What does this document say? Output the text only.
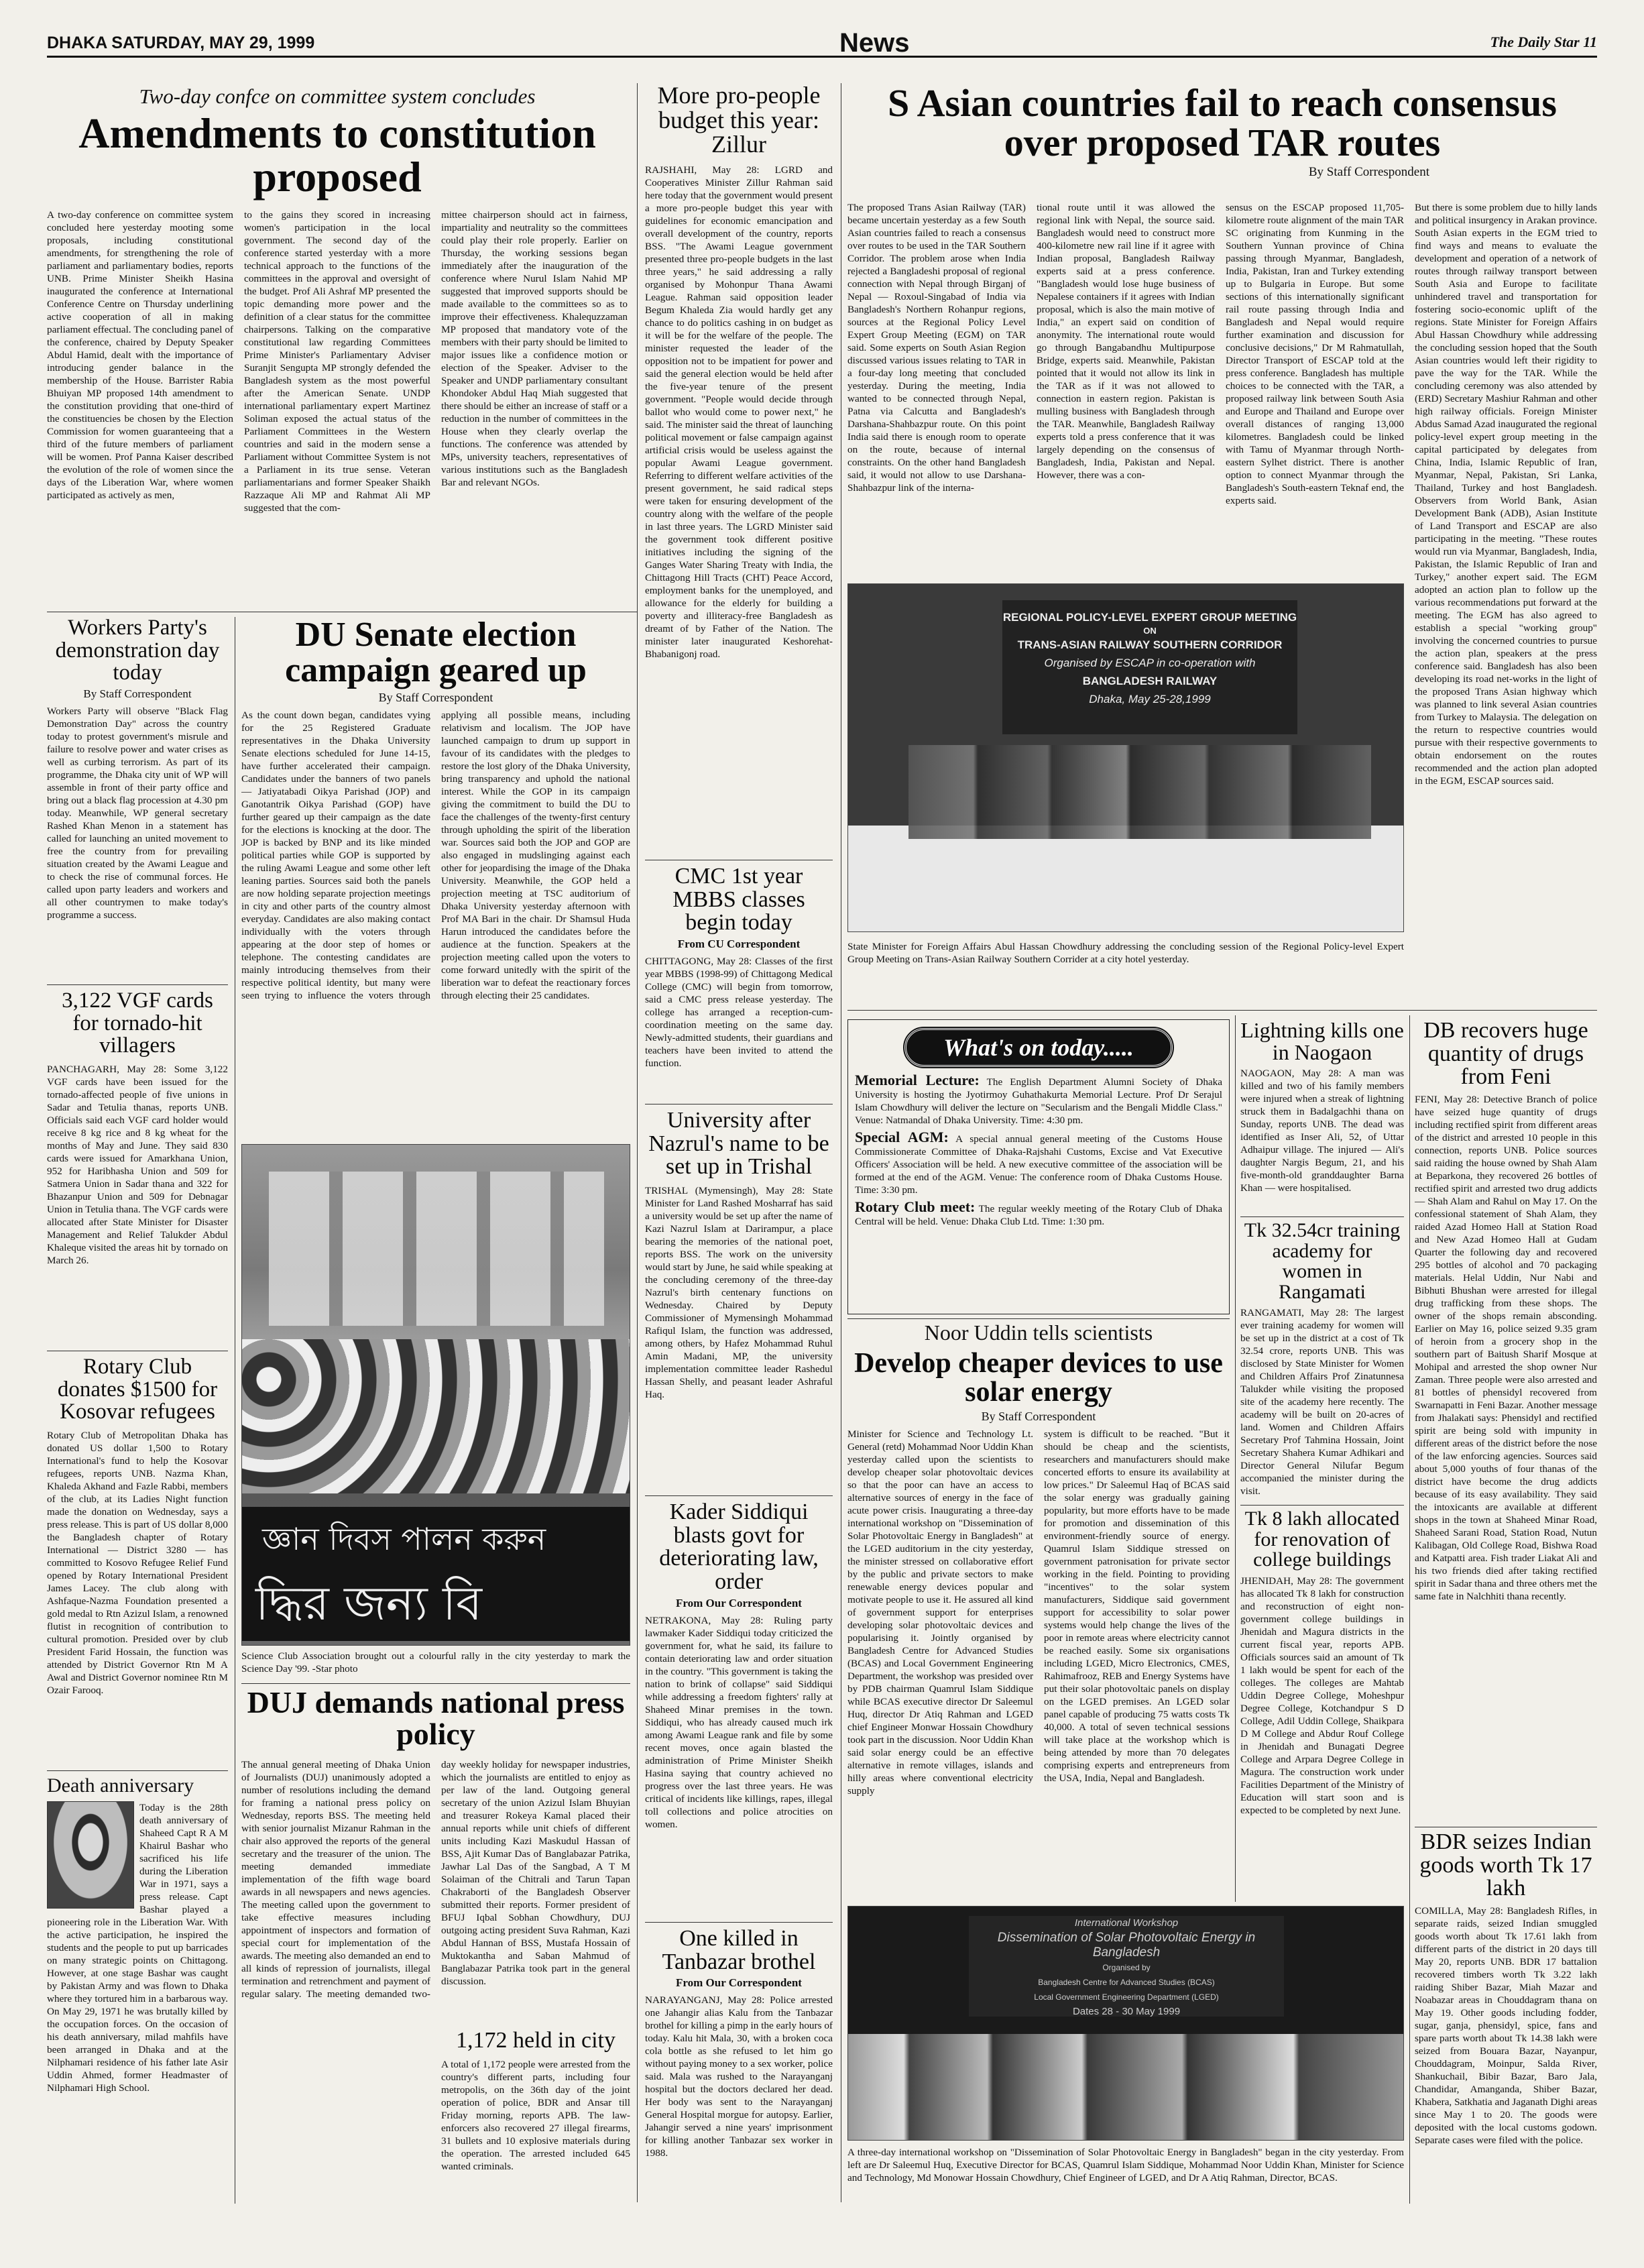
DHAKA SATURDAY, MAY 29, 1999	News	The Daily Star 11
Two-day confce on committee system concludes
Amendments to constitution proposed
A two-day conference on committee system concluded here yesterday mooting some proposals, including constitutional amendments, for strengthening the role of parliament and parliamentary bodies, reports UNB. Prime Minister Sheikh Hasina inaugurated the conference at International Conference Centre on Thursday underlining active cooperation of all in making parliament effectual. The concluding panel of the conference, chaired by Deputy Speaker Abdul Hamid, dealt with the importance of introducing gender balance in the membership of the House. Barrister Rabia Bhuiyan MP proposed 14th amendment to the constitution providing that one-third of the constituencies be chosen by the Election Commission for women guaranteeing that a third of the future members of parliament will be women. Prof Panna Kaiser described the evolution of the role of women since the days of the Liberation War, where women participated as actively as men,
to the gains they scored in increasing women's participation in the local government. The second day of the conference started yesterday with a more technical approach to the functions of the committees in the approval and oversight of the budget. Prof Ali Ashraf MP presented the topic demanding more power and the definition of a clear status for the committee chairpersons. Talking on the comparative constitutional law regarding Committees Prime Minister's Parliamentary Adviser Suranjit Sengupta MP strongly defended the Bangladesh system as the most powerful after the American Senate. UNDP international parliamentary expert Martinez Soliman exposed the actual status of the Parliament Committees in the Western countries and said in the modern sense a Parliament without Committee System is not a Parliament in its true sense. Veteran parliamentarians and former Speaker Shaikh Razzaque Ali MP and Rahmat Ali MP suggested that the com-
mittee chairperson should act in fairness, impartiality and neutrality so the committees could play their role properly. Earlier on Thursday, the working sessions began immediately after the inauguration of the conference where Nurul Islam Nahid MP suggested that improved supports should be made available to the committees so as to improve their effectiveness. Khalequzzaman MP proposed that mandatory vote of the members with their party should be limited to major issues like a confidence motion or election of the Speaker. Adviser to the Speaker and UNDP parliamentary consultant Khondoker Abdul Haq Miah suggested that there should be either an increase of staff or a reduction in the number of committees in the House when they clearly overlap the functions. The conference was attended by MPs, university teachers, representatives of various institutions such as the Bangladesh Bar and relevant NGOs.
More pro-people budget this year: Zillur
RAJSHAHI, May 28: LGRD and Cooperatives Minister Zillur Rahman said here today that the government would present a more pro-people budget this year with guidelines for economic emancipation and overall development of the country, reports BSS. "The Awami League government presented three pro-people budgets in the last three years," he said addressing a rally organised by Mohonpur Thana Awami League. Rahman said opposition leader Begum Khaleda Zia would hardly get any chance to do politics cashing in on budget as it will be for the welfare of the people. The minister requested the leader of the opposition not to be impatient for power and said the general election would be held after the five-year tenure of the present government. "People would decide through ballot who would come to power next," he said. The minister said the threat of launching political movement or false campaign against artificial crisis would be useless against the popular Awami League government. Referring to different welfare activities of the present government, he said radical steps were taken for ensuring development of the country along with the welfare of the people in last three years. The LGRD Minister said the government took different positive initiatives including the signing of the Ganges Water Sharing Treaty with India, the Chittagong Hill Tracts (CHT) Peace Accord, employment banks for the unemployed, and allowance for the elderly for building a poverty and illiteracy-free Bangladesh as dreamt of by Father of the Nation. The minister later inaugurated Keshorehat-Bhabanigonj road.
S Asian countries fail to reach consensus over proposed TAR routes
By Staff Correspondent
The proposed Trans Asian Railway (TAR) became uncertain yesterday as a few South Asian countries failed to reach a consensus over routes to be used in the TAR Southern Corridor. The problem arose when India rejected a Bangladeshi proposal of regional connection with Nepal through Birganj of Nepal — Roxoul-Singabad of India via Bangladesh's Northern Rohanpur regions, sources at the Regional Policy Level Expert Group Meeting (EGM) on TAR said. Some experts on South Asian Region discussed various issues relating to TAR in a four-day long meeting that concluded yesterday. During the meeting, India wanted to be connected through Nepal, Patna via Calcutta and Bangladesh's Darshana-Shahbazpur route. On this point India said there is enough room to operate on the route, because of internal constraints. On the other hand Bangladesh said, it would not allow to use Darshana-Shahbazpur link of the interna-
tional route until it was allowed the regional link with Nepal, the source said. Bangladesh would need to construct more 400-kilometre new rail line if it agree with Indian proposal, Bangladesh Railway experts said at a press conference. "Bangladesh would lose huge business of Nepalese containers if it agrees with Indian proposal, which is also the main motive of India," an expert said on condition of anonymity. The international route would go through Bangabandhu Multipurpose Bridge, experts said. Meanwhile, Pakistan pointed that it would not allow its link in the TAR as if it was not allowed to connection in eastern region. Pakistan is mulling business with Bangladesh through the TAR. Meanwhile, Bangladesh Railway experts told a press conference that it was largely depending on the consensus of Bangladesh, India, Pakistan and Nepal. However, there was a con-
sensus on the ESCAP proposed 11,705-kilometre route alignment of the main TAR SC originating from Kunming in the Southern Yunnan province of China passing through Myanmar, Bangladesh, India, Pakistan, Iran and Turkey extending up to Bulgaria in Europe. But some sections of this internationally significant rail route passing through India and Bangladesh and Nepal would require further examination and discussion for conclusive decisions," Dr M Rahmatullah, Director Transport of ESCAP told at the press conference. Bangladesh has multiple choices to be connected with the TAR, a proposed railway link between South Asia and Europe and Thailand and Europe over overall distances of ranging 13,000 kilometres. Bangladesh could be linked with Tamu of Myanmar through North-eastern Sylhet district. There is another option to connect Myanmar through the Bangladesh's South-eastern Teknaf end, the experts said.
But there is some problem due to hilly lands and political insurgency in Arakan province. South Asian experts in the EGM tried to find ways and means to evaluate the development and operation of a network of routes through railway transport between South Asia and Europe to facilitate unhindered travel and transportation for fostering socio-economic uplift of the regions. State Minister for Foreign Affairs Abul Hassan Chowdhury while addressing the concluding session hoped that the South Asian countries would left their rigidity to pave the way for the TAR. While the concluding ceremony was also attended by (ERD) Secretary Mashiur Rahman and other high railway officials. Foreign Minister Abdus Samad Azad inaugurated the regional policy-level expert group meeting in the capital participated by delegates from China, India, Islamic Republic of Iran, Myanmar, Nepal, Pakistan, Sri Lanka, Thailand, Turkey and host Bangladesh. Observers from World Bank, Asian Development Bank (ADB), Asian Institute of Land Transport and ESCAP are also participating in the meeting. "These routes would run via Myanmar, Bangladesh, India, Pakistan, the Islamic Republic of Iran and Turkey," another expert said. The EGM adopted an action plan to follow up the various recommendations put forward at the meeting. The EGM has also agreed to establish a special "working group" involving the concerned countries to pursue the action plan, speakers at the press conference said. Bangladesh has also been developing its road net-works in the light of the proposed Trans Asian highway which was planned to link several Asian countries from Turkey to Malaysia. The delegation on the return to respective countries would pursue with their respective governments to obtain endorsement on the routes recommended and the action plan adopted in the EGM, ESCAP sources said.
REGIONAL POLICY-LEVEL EXPERT GROUP MEETING
ON
TRANS-ASIAN RAILWAY SOUTHERN CORRIDOR
Organised by ESCAP in co-operation with
BANGLADESH RAILWAY
Dhaka, May 25-28,1999
State Minister for Foreign Affairs Abul Hassan Chowdhury addressing the concluding session of the Regional Policy-level Expert Group Meeting on Trans-Asian Railway Southern Corrider at a city hotel yesterday.
Workers Party's demonstration day today
By Staff Correspondent
Workers Party will observe "Black Flag Demonstration Day" across the country today to protest government's misrule and failure to resolve power and water crises as well as curbing terrorism. As part of its programme, the Dhaka city unit of WP will assemble in front of their party office and bring out a black flag procession at 4.30 pm today. Meanwhile, WP general secretary Rashed Khan Menon in a statement has called for launching an united movement to free the country from for prevailing situation created by the Awami League and to check the rise of communal forces. He called upon party leaders and workers and all other countrymen to make today's programme a success.
3,122 VGF cards for tornado-hit villagers
PANCHAGARH, May 28: Some 3,122 VGF cards have been issued for the tornado-affected people of five unions in Sadar and Tetulia thanas, reports UNB. Officials said each VGF card holder would receive 8 kg rice and 8 kg wheat for the months of May and June. They said 830 cards were issued for Amarkhana Union, 952 for Haribhasha Union and 509 for Satmera Union in Sadar thana and 322 for Bhazanpur Union and 509 for Debnagar Union in Tetulia thana. The VGF cards were allocated after State Minister for Disaster Management and Relief Talukder Abdul Khaleque visited the areas hit by tornado on March 26.
Rotary Club donates $1500 for Kosovar refugees
Rotary Club of Metropolitan Dhaka has donated US dollar 1,500 to Rotary International's fund to help the Kosovar refugees, reports UNB. Nazma Khan, Khaleda Akhand and Fazle Rabbi, members of the club, at its Ladies Night function made the donation on Wednesday, says a press release. This is part of US dollar 8,000 the Bangladesh chapter of Rotary International — District 3280 — has committed to Kosovo Refugee Relief Fund opened by Rotary International President James Lacey. The club along with Ashfaque-Nazma Foundation presented a gold medal to Rtn Azizul Islam, a renowned flutist in recognition of contribution to cultural promotion. Presided over by club President Farid Hossain, the function was attended by District Governor Rtn M A Awal and District Governor nominee Rtn M Ozair Farooq.
Death anniversary
Today is the 28th death anniversary of Shaheed Capt R A M Khairul Bashar who sacrificed his life during the Liberation War in 1971, says a press release. Capt Bashar played a pioneering role in the Liberation War. With the active participation, he inspired the students and the people to put up barricades on many strategic points on Chittagong. However, at one stage Bashar was caught by Pakistan Army and was flown to Dhaka where they tortured him in a barbarous way. On May 29, 1971 he was brutally killed by the occupation forces. On the occasion of his death anniversary, milad mahfils have been arranged in Dhaka and at the Nilphamari residence of his father late Asir Uddin Ahmed, former Headmaster of Nilphamari High School.
DU Senate election campaign geared up
By Staff Correspondent
As the count down began, candidates vying for the 25 Registered Graduate representatives in the Dhaka University Senate elections scheduled for June 14-15, have further accelerated their campaign. Candidates under the banners of two panels — Jatiyatabadi Oikya Parishad (JOP) and Ganotantrik Oikya Parishad (GOP) have further geared up their campaign as the date for the elections is knocking at the door. The JOP is backed by BNP and its like minded political parties while GOP is supported by the ruling Awami League and some other left leaning parties. Sources said both the panels are now holding separate projection meetings in city and other parts of the country almost everyday. Candidates are also making contact individually with the voters through appearing at the door step of homes or telephone. The contesting candidates are mainly introducing themselves from their respective political identity, but many were seen trying to influence the voters through applying all possible means, including relativism and localism. The JOP have launched campaign to drum up support in favour of its candidates with the pledges to restore the lost glory of the Dhaka University, bring transparency and uphold the national interest. While the GOP in its campaign giving the commitment to build the DU to face the challenges of the twenty-first century through upholding the spirit of the liberation war. Sources said both the JOP and GOP are also engaged in mudslinging against each other for jeopardising the image of the Dhaka University. Meanwhile, the GOP held a projection meeting at TSC auditorium of Dhaka University yesterday afternoon with Prof MA Bari in the chair. Dr Shamsul Huda Harun introduced the candidates before the audience at the function. Speakers at the projection meeting called upon the voters to come forward unitedly with the spirit of the liberation war to defeat the reactionary forces through electing their 25 candidates.
জ্ঞান দিবস পালন করুন
দ্ধির জন্য বি
Science Club Association brought out a colourful rally in the city yesterday to mark the Science Day '99. -Star photo
DUJ demands national press policy
The annual general meeting of Dhaka Union of Journalists (DUJ) unanimously adopted a number of resolutions including the demand for framing a national press policy on Wednesday, reports BSS. The meeting held with senior journalist Mizanur Rahman in the chair also approved the reports of the general secretary and the treasurer of the union. The meeting demanded immediate implementation of the fifth wage board awards in all newspapers and news agencies. The meeting called upon the government to take effective measures including appointment of inspectors and formation of special court for implementation of the awards. The meeting also demanded an end to all kinds of repression of journalists, illegal termination and retrenchment and payment of regular salary. The meeting demanded two-day weekly holiday for newspaper industries, which the journalists are entitled to enjoy as per law of the land. Outgoing general secretary of the union Azizul Islam Bhuyian and treasurer Rokeya Kamal placed their annual reports while unit chiefs of different units including Kazi Maskudul Hassan of BSS, Ajit Kumar Das of Banglabazar Patrika, Jawhar Lal Das of the Sangbad, A T M Solaiman of the Chitrali and Tarun Tapan Chakraborti of the Bangladesh Observer submitted their reports. Former president of BFUJ Iqbal Sobhan Chowdhury, DUJ outgoing acting president Suva Rahman, Kazi Abdul Hannan of BSS, Mustafa Hossain of Muktokantha and Saban Mahmud of Banglabazar Patrika took part in the general discussion.
1,172 held in city
A total of 1,172 people were arrested from the country's different parts, including four metropolis, on the 36th day of the joint operation of police, BDR and Ansar till Friday morning, reports APB. The law-enforcers also recovered 27 illegal firearms, 31 bullets and 10 explosive materials during the operation. The arrested included 645 wanted criminals.
CMC 1st year MBBS classes begin today
From CU Correspondent
CHITTAGONG, May 28: Classes of the first year MBBS (1998-99) of Chittagong Medical College (CMC) will begin from tomorrow, said a CMC press release yesterday. The college has arranged a reception-cum-coordination meeting on the same day. Newly-admitted students, their guardians and teachers have been invited to attend the function.
University after Nazrul's name to be set up in Trishal
TRISHAL (Mymensingh), May 28: State Minister for Land Rashed Mosharraf has said a university would be set up after the name of Kazi Nazrul Islam at Darirampur, a place bearing the memories of the national poet, reports BSS. The work on the university would start by June, he said while speaking at the concluding ceremony of the three-day Nazrul's birth centenary functions on Wednesday. Chaired by Deputy Commissioner of Mymensingh Mohammad Rafiqul Islam, the function was addressed, among others, by Hafez Mohammad Ruhul Amin Madani, MP, the university implementation committee leader Rashedul Hassan Shelly, and peasant leader Ashraful Haq.
Kader Siddiqui blasts govt for deteriorating law, order
From Our Correspondent
NETRAKONA, May 28: Ruling party lawmaker Kader Siddiqui today criticized the government for, what he said, its failure to contain deteriorating law and order situation in the country. "This government is taking the nation to brink of collapse" said Siddiqui while addressing a freedom fighters' rally at Shaheed Minar premises in the town. Siddiqui, who has already caused much irk among Awami League rank and file by some recent moves, once again blasted the administration of Prime Minister Sheikh Hasina saying that country achieved no progress over the last three years. He was critical of incidents like killings, rapes, illegal toll collections and police atrocities on women.
One killed in Tanbazar brothel
From Our Correspondent
NARAYANGANJ, May 28: Police arrested one Jahangir alias Kalu from the Tanbazar brothel for killing a pimp in the early hours of today. Kalu hit Mala, 30, with a broken coca cola bottle as she refused to let him go without paying money to a sex worker, police said. Mala was rushed to the Narayanganj hospital but the doctors declared her dead. Her body was sent to the Narayanganj General Hospital morgue for autopsy. Earlier, Jahangir served a nine years' imprisonment for killing another Tanbazar sex worker in 1988.
What's on today.....
Memorial Lecture: The English Department Alumni Society of Dhaka University is hosting the Jyotirmoy Guhathakurta Memorial Lecture. Prof Dr Serajul Islam Chowdhury will deliver the lecture on "Secularism and the Bengali Middle Class." Venue: Natmandal of Dhaka University. Time: 4:30 pm.
Special AGM: A special annual general meeting of the Customs House Commissionerate Committee of Dhaka-Rajshahi Customs, Excise and Vat Executive Officers' Association will be held. A new executive committee of the association will be formed at the end of the AGM. Venue: The conference room of Dhaka Customs House. Time: 3:30 pm.
Rotary Club meet: The regular weekly meeting of the Rotary Club of Dhaka Central will be held. Venue: Dhaka Club Ltd. Time: 1:30 pm.
Noor Uddin tells scientists
Develop cheaper devices to use solar energy
By Staff Correspondent
Minister for Science and Technology Lt. General (retd) Mohammad Noor Uddin Khan yesterday called upon the scientists to develop cheaper solar photovoltaic devices so that the poor can have an access to alternative sources of energy in the face of acute power crisis. Inaugurating a three-day international workshop on "Dissemination of Solar Photovoltaic Energy in Bangladesh" at the LGED auditorium in the city yesterday, the minister stressed on collaborative effort by the public and private sectors to make renewable energy devices popular and motivate people to use it. He assured all kind of government support for enterprises developing solar photovoltaic devices and popularising it. Jointly organised by Bangladesh Centre for Advanced Studies (BCAS) and Local Government Engineering Department, the workshop was presided over by PDB chairman Quamrul Islam Siddique while BCAS executive director Dr Saleemul Huq, director Dr Atiq Rahman and LGED chief Engineer Monwar Hossain Chowdhury took part in the discussion. Noor Uddin Khan said solar energy could be an effective alternative in remote villages, islands and hilly areas where conventional electricity supply
system is difficult to be reached. "But it should be cheap and the scientists, researchers and manufacturers should make concerted efforts to ensure its availability at low prices." Dr Saleemul Haq of BCAS said the solar energy was gradually gaining popularity, but more efforts have to be made for promotion and dissemination of this environment-friendly source of energy. Quamrul Islam Siddique stressed on government patronisation for private sector working in the field. Pointing to providing "incentives" to the solar system manufacturers, Siddique said government support for accessibility to solar power systems would help change the lives of the poor in remote areas where electricity cannot be reached easily. Some six organisations including LGED, Micro Electronics, CMES, Rahimafrooz, REB and Energy Systems have put their solar photovoltaic panels on display on the LGED premises. An LGED solar panel capable of producing 75 watts costs Tk 40,000. A total of seven technical sessions will take place at the workshop which is being attended by more than 70 delegates comprising experts and entrepreneurs from the USA, India, Nepal and Bangladesh.
International Workshop
Dissemination of Solar Photovoltaic Energy in Bangladesh
Organised by
Bangladesh Centre for Advanced Studies (BCAS)
Local Government Engineering Department (LGED)
Dates 28 - 30 May 1999
A three-day international workshop on "Dissemination of Solar Photovoltaic Energy in Bangladesh" began in the city yesterday. From left are Dr Saleemul Huq, Executive Director for BCAS, Quamrul Islam Siddique, Mohammad Noor Uddin Khan, Minister for Science and Technology, Md Monowar Hossain Chowdhury, Chief Engineer of LGED, and Dr A Atiq Rahman, Director, BCAS.
Lightning kills one in Naogaon
NAOGAON, May 28: A man was killed and two of his family members were injured when a streak of lightning struck them in Badalgachhi thana on Sunday, reports UNB. The dead was identified as Inser Ali, 52, of Uttar Adhaipur village. The injured — Ali's daughter Nargis Begum, 21, and his five-month-old granddaughter Barna Khan — were hospitalised.
Tk 32.54cr training academy for women in Rangamati
RANGAMATI, May 28: The largest ever training academy for women will be set up in the district at a cost of Tk 32.54 crore, reports UNB. This was disclosed by State Minister for Women and Children Affairs Prof Zinatunnesa Talukder while visiting the proposed site of the academy here recently. The academy will be built on 20-acres of land. Women and Children Affairs Secretary Prof Tahmina Hossain, Joint Secretary Shahera Kumar Adhikari and Director General Nilufar Begum accompanied the minister during the visit.
Tk 8 lakh allocated for renovation of college buildings
JHENIDAH, May 28: The government has allocated Tk 8 lakh for construction and reconstruction of eight non-government college buildings in Jhenidah and Magura districts in the current fiscal year, reports APB. Officials sources said an amount of Tk 1 lakh would be spent for each of the colleges. The colleges are Mahtab Uddin Degree College, Moheshpur Degree College, Kotchandpur S D College, Adil Uddin College, Shaikpara D M College and Abdur Rouf College in Jhenidah and Bunagati Degree College and Arpara Degree College in Magura. The construction work under Facilities Department of the Ministry of Education will start soon and is expected to be completed by next June.
DB recovers huge quantity of drugs from Feni
FENI, May 28: Detective Branch of police have seized huge quantity of drugs including rectified spirit from different areas of the district and arrested 10 people in this connection, reports UNB. Police sources said raiding the house owned by Shah Alam at Beparkona, they recovered 26 bottles of rectified spirit and arrested two drug addicts — Shah Alam and Rahul on May 17. On the confessional statement of Shah Alam, they raided Azad Homeo Hall at Station Road and New Azad Homeo Hall at Gudam Quarter the following day and recovered 295 bottles of alcohol and 70 packaging materials. Helal Uddin, Nur Nabi and Bibhuti Bhushan were arrested for illegal drug trafficking from these shops. The owner of the shops remain absconding. Earlier on May 16, police seized 9.35 gram of heroin from a grocery shop in the southern part of Baitush Sharif Mosque at Mohipal and arrested the shop owner Nur Zaman. Three people were also arrested and 81 bottles of phensidyl recovered from Swarnapatti in Feni Bazar. Another message from Jhalakati says: Phensidyl and rectified spirit are being sold with impunity in different areas of the district before the nose of the law enforcing agencies. Sources said about 5,000 youths of four thanas of the district have become the drug addicts because of its easy availability. They said the intoxicants are available at different shops in the town at Shaheed Minar Road, Shaheed Sarani Road, Station Road, Nutun Kalibagan, Old College Road, Bishwa Road and Katpatti area. Fish trader Liakat Ali and his two friends died after taking rectified spirit in Sadar thana and three others met the same fate in Nalchhiti thana recently.
BDR seizes Indian goods worth Tk 17 lakh
COMILLA, May 28: Bangladesh Rifles, in separate raids, seized Indian smuggled goods worth about Tk 17.61 lakh from different parts of the district in 20 days till May 20, reports UNB. BDR 17 battalion recovered timbers worth Tk 3.22 lakh raiding Shiber Bazar, Miah Mazar and Noabazar areas in Chouddagram thana on May 19. Other goods including fodder, sugar, ganja, phensidyl, spice, fans and spare parts worth about Tk 14.38 lakh were seized from Bouara Bazar, Nayanpur, Chouddagram, Moinpur, Salda River, Shankuchail, Bibir Bazar, Baro Jala, Chandidar, Amanganda, Shiber Bazar, Khabera, Satkhatia and Jaganath Dighi areas since May 1 to 20. The goods were deposited with the local customs godown. Separate cases were filed with the police.
